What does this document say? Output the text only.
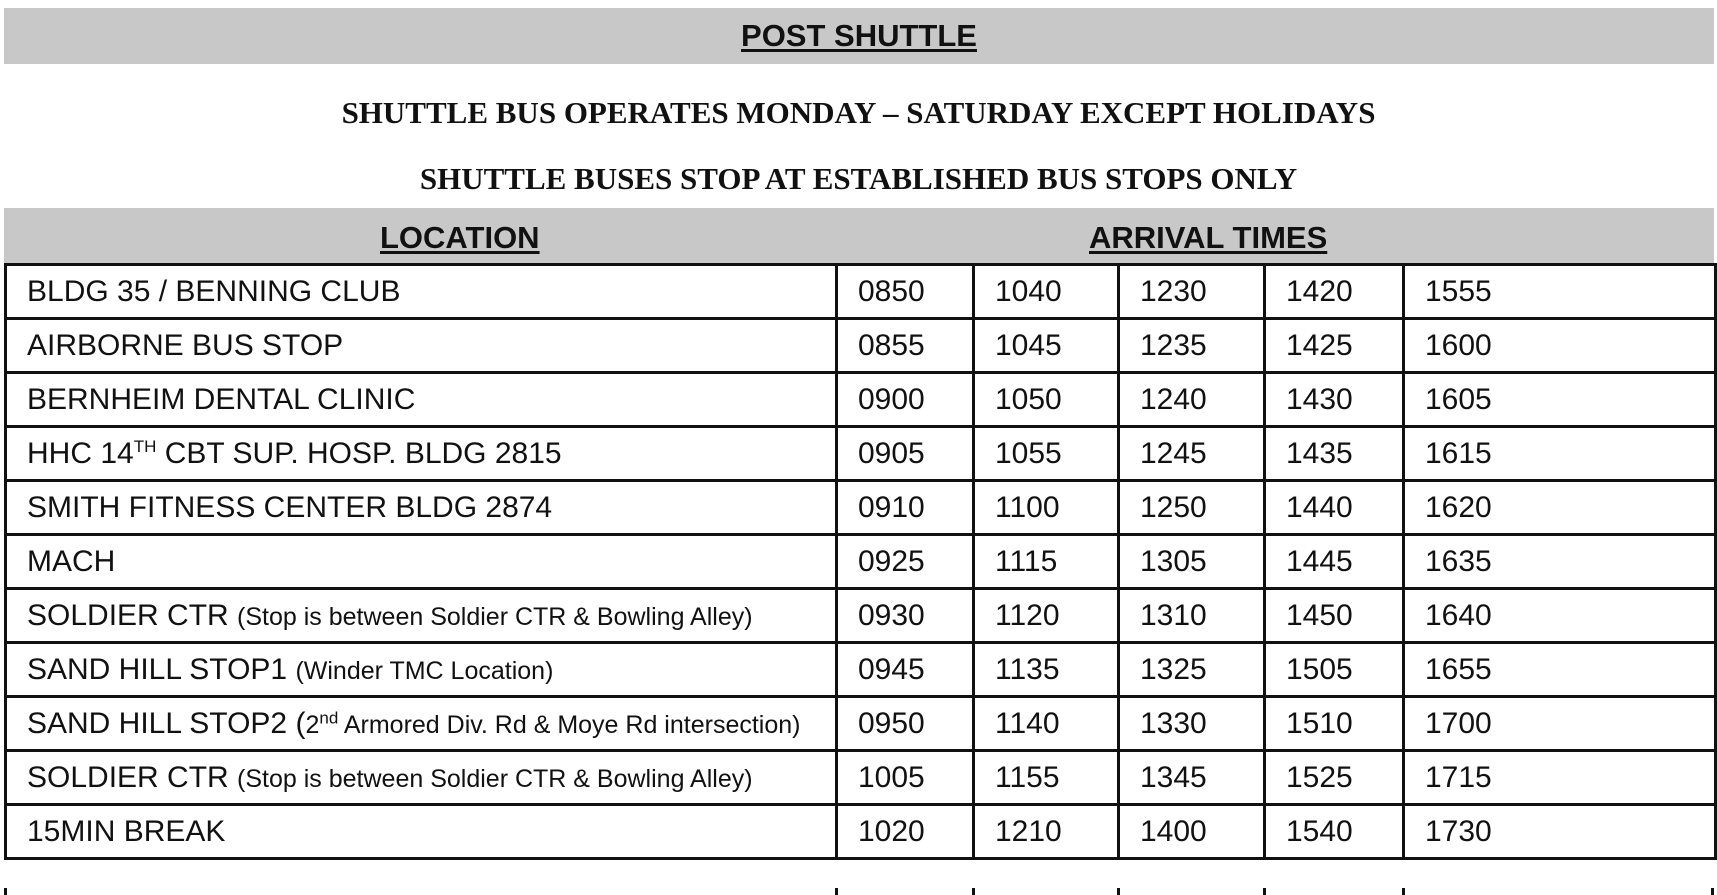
POST SHUTTLE
SHUTTLE BUS OPERATES MONDAY – SATURDAY EXCEPT HOLIDAYS
SHUTTLE BUSES STOP AT ESTABLISHED BUS STOPS ONLY
LOCATION	ARRIVAL TIMES
BLDG 35 / BENNING CLUB	0850	1040	1230	1420	1555
AIRBORNE BUS STOP	0855	1045	1235	1425	1600
BERNHEIM DENTAL CLINIC	0900	1050	1240	1430	1605
HHC 14TH CBT SUP. HOSP. BLDG 2815	0905	1055	1245	1435	1615
SMITH FITNESS CENTER BLDG 2874	0910	1100	1250	1440	1620
MACH	0925	1115	1305	1445	1635
SOLDIER CTR (Stop is between Soldier CTR & Bowling Alley)	0930	1120	1310	1450	1640
SAND HILL STOP1 (Winder TMC Location)	0945	1135	1325	1505	1655
SAND HILL STOP2 (2nd Armored Div. Rd & Moye Rd intersection)	0950	1140	1330	1510	1700
SOLDIER CTR (Stop is between Soldier CTR & Bowling Alley)	1005	1155	1345	1525	1715
15MIN BREAK	1020	1210	1400	1540	1730
